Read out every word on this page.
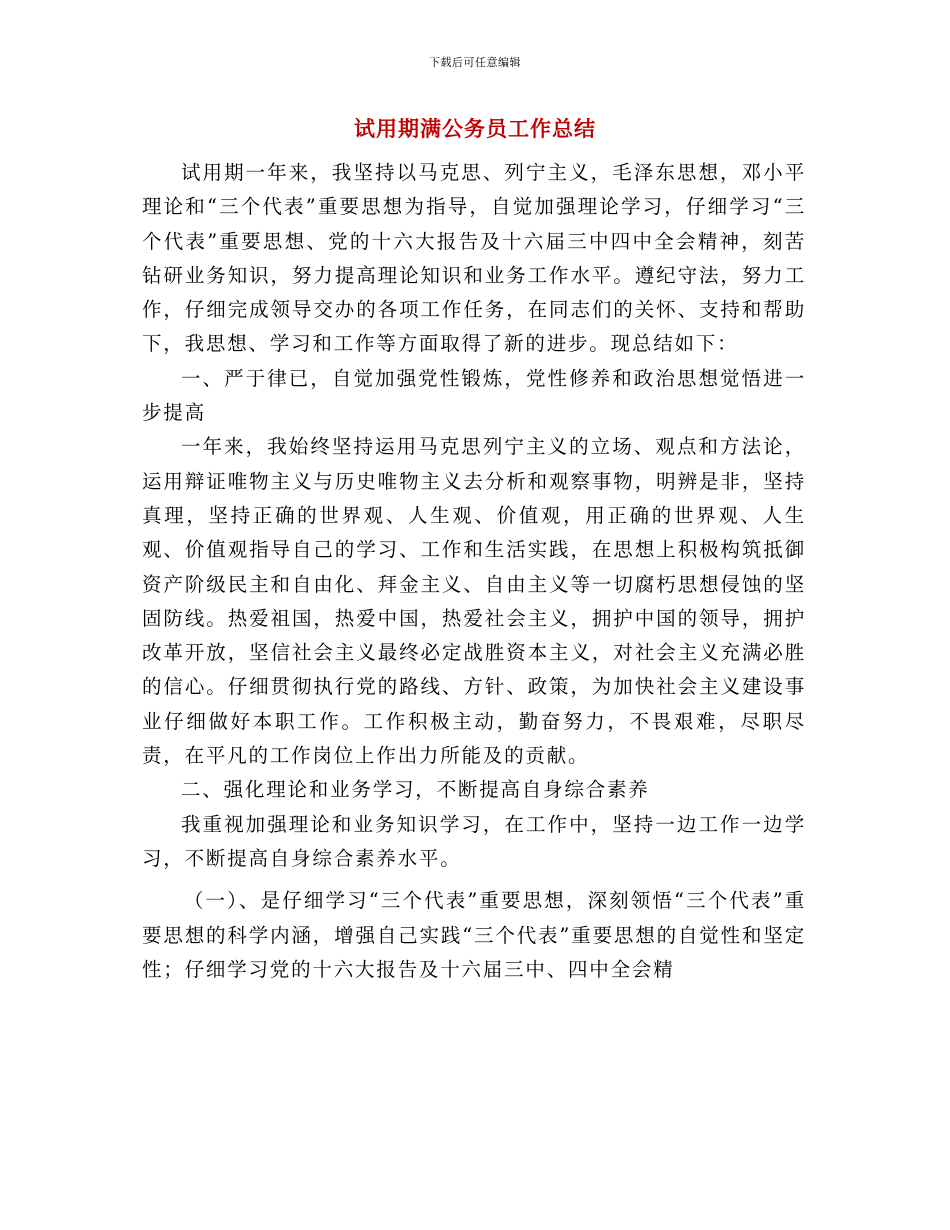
下载后可任意编辑
试用期满公务员工作总结

试用期一年来，我坚持以马克思、列宁主义，毛泽东思想，邓小平理论和“三个代表”重要思想为指导，自觉加强理论学习，仔细学习“三个代表”重要思想、党的十六大报告及十六届三中四中全会精神，刻苦钻研业务知识，努力提高理论知识和业务工作水平。遵纪守法，努力工作，仔细完成领导交办的各项工作任务，在同志们的关怀、支持和帮助下，我思想、学习和工作等方面取得了新的进步。现总结如下：

一、严于律已，自觉加强党性锻炼，党性修养和政治思想觉悟进一步提高

一年来，我始终坚持运用马克思列宁主义的立场、观点和方法论，运用辩证唯物主义与历史唯物主义去分析和观察事物，明辨是非，坚持真理，坚持正确的世界观、人生观、价值观，用正确的世界观、人生观、价值观指导自己的学习、工作和生活实践，在思想上积极构筑抵御资产阶级民主和自由化、拜金主义、自由主义等一切腐朽思想侵蚀的坚固防线。热爱祖国，热爱中国，热爱社会主义，拥护中国的领导，拥护改革开放，坚信社会主义最终必定战胜资本主义，对社会主义充满必胜的信心。仔细贯彻执行党的路线、方针、政策，为加快社会主义建设事业仔细做好本职工作。工作积极主动，勤奋努力，不畏艰难，尽职尽责，在平凡的工作岗位上作出力所能及的贡献。

二、强化理论和业务学习，不断提高自身综合素养

我重视加强理论和业务知识学习，在工作中，坚持一边工作一边学习，不断提高自身综合素养水平。

（一）、是仔细学习“三个代表”重要思想，深刻领悟“三个代表”重要思想的科学内涵，增强自己实践“三个代表”重要思想的自觉性和坚定性；仔细学习党的十六大报告及十六届三中、四中全会精
